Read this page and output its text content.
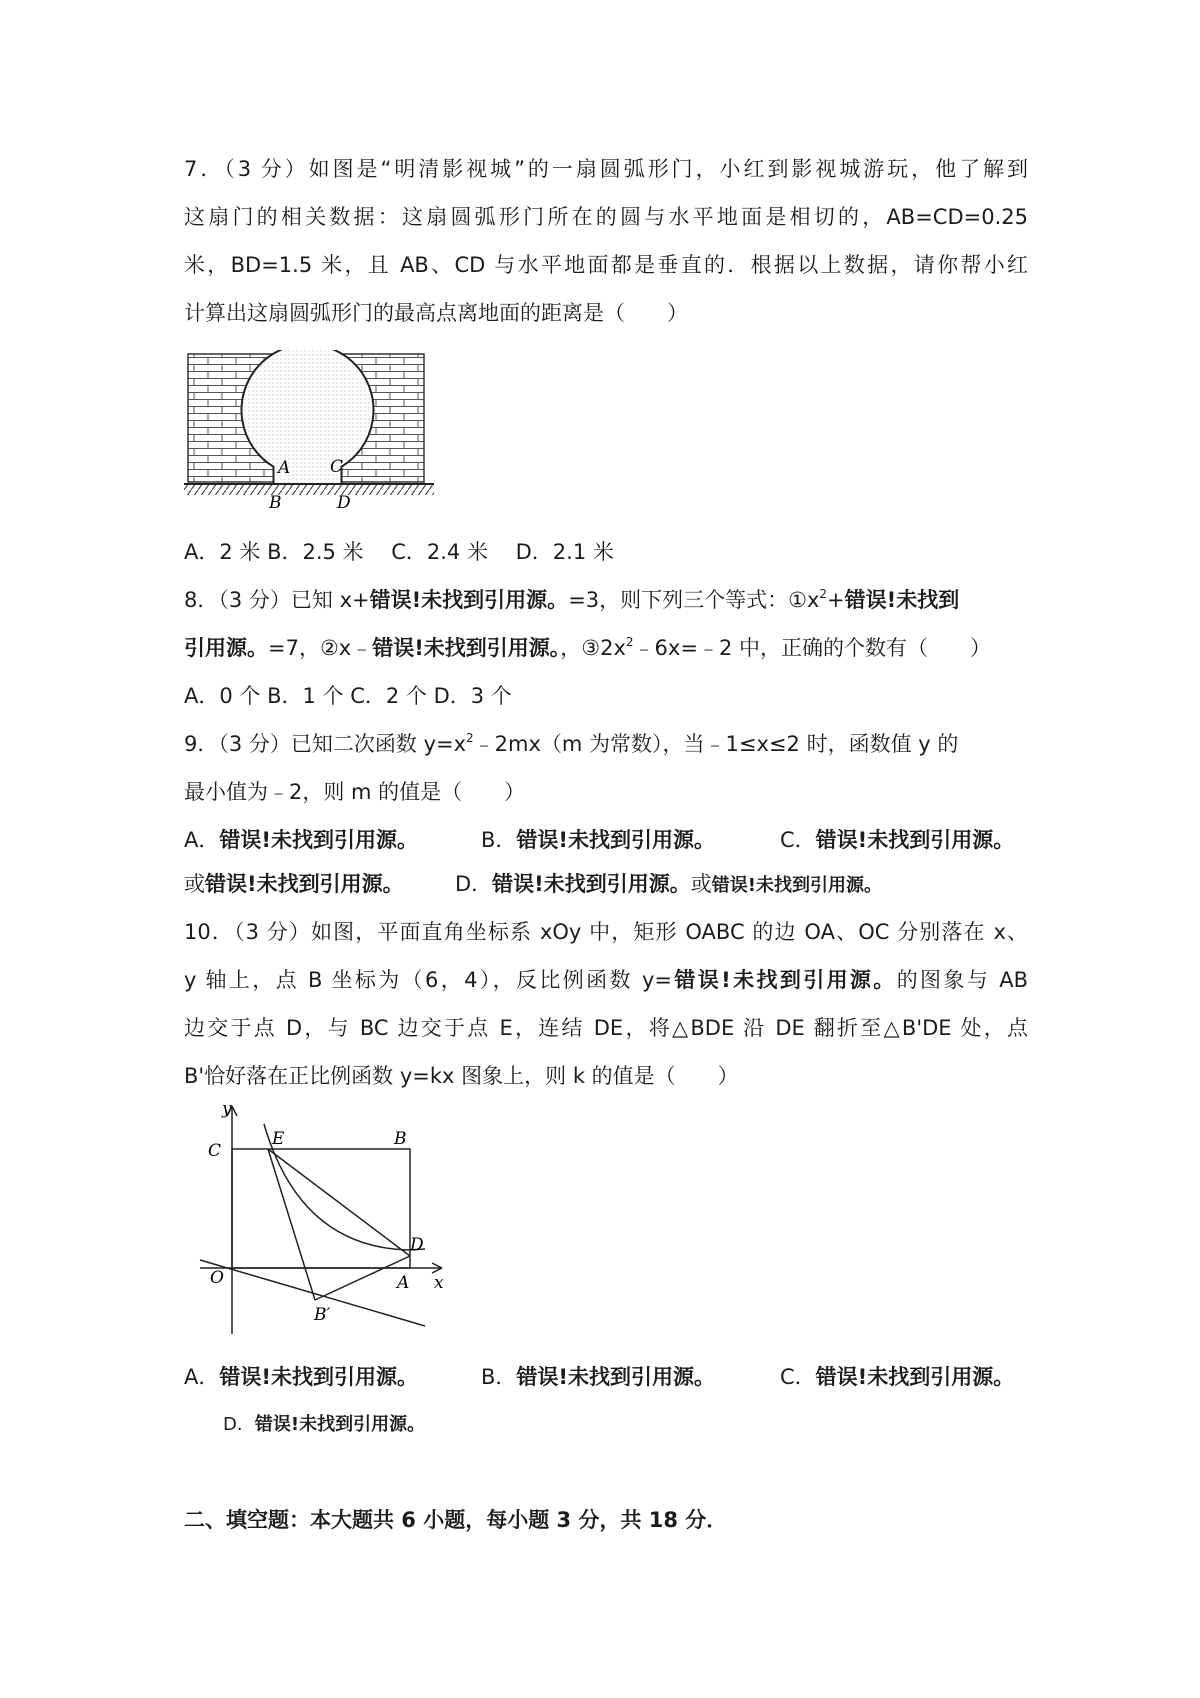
7．（3 分）如图是“明清影视城”的一扇圆弧形门，小红到影视城游玩，他了解到
这扇门的相关数据：这扇圆弧形门所在的圆与水平地面是相切的，AB=CD=0.25
米，BD=1.5 米，且 AB、CD 与水平地面都是垂直的．根据以上数据，请你帮小红
计算出这扇圆弧形门的最高点离地面的距离是（　　）
A C
B	D
A．2 米 B．2.5 米　 C．2.4 米　 D．2.1 米
8．（3 分）已知 x+错误!未找到引用源。=3，则下列三个等式：$①x^2+$错误!未找到
引用源。=7，②x﹣错误!未找到引用源。，$③2x^2﹣6x=﹣2$ 中，正确的个数有（　　）
A．0 个 B．1 个 C．2 个 D．3 个
9．（3 分）已知二次函数 $y=x^2﹣2mx(m$ 为常数），当﹣1≤x≤2 时，函数值 y 的
最小值为﹣2，则 m 的值是（　　）
A．错误!未找到引用源。	B．错误!未找到引用源。	C．错误!未找到引用源。
或错误!未找到引用源。 D．错误!未找到引用源。或错误!未找到引用源。
10．（3 分）如图，平面直角坐标系 xOy 中，矩形 OABC 的边 OA、OC 分别落在 x、
y 轴上，点 B 坐标为（6，4），反比例函数 y=错误!未找到引用源。的图象与 AB
边交于点 D，与 BC 边交于点 E，连结 DE，将△BDE 沿 DE 翻折至△B'DE 处，点
B'恰好落在正比例函数 y=kx 图象上，则 k 的值是（　　）
y
C
E	B
D
O	A x
B′
A．错误!未找到引用源。	B．错误!未找到引用源。	C．错误!未找到引用源。
D．错误!未找到引用源。
二、填空题：本大题共 6 小题，每小题 3 分，共 18 分．
